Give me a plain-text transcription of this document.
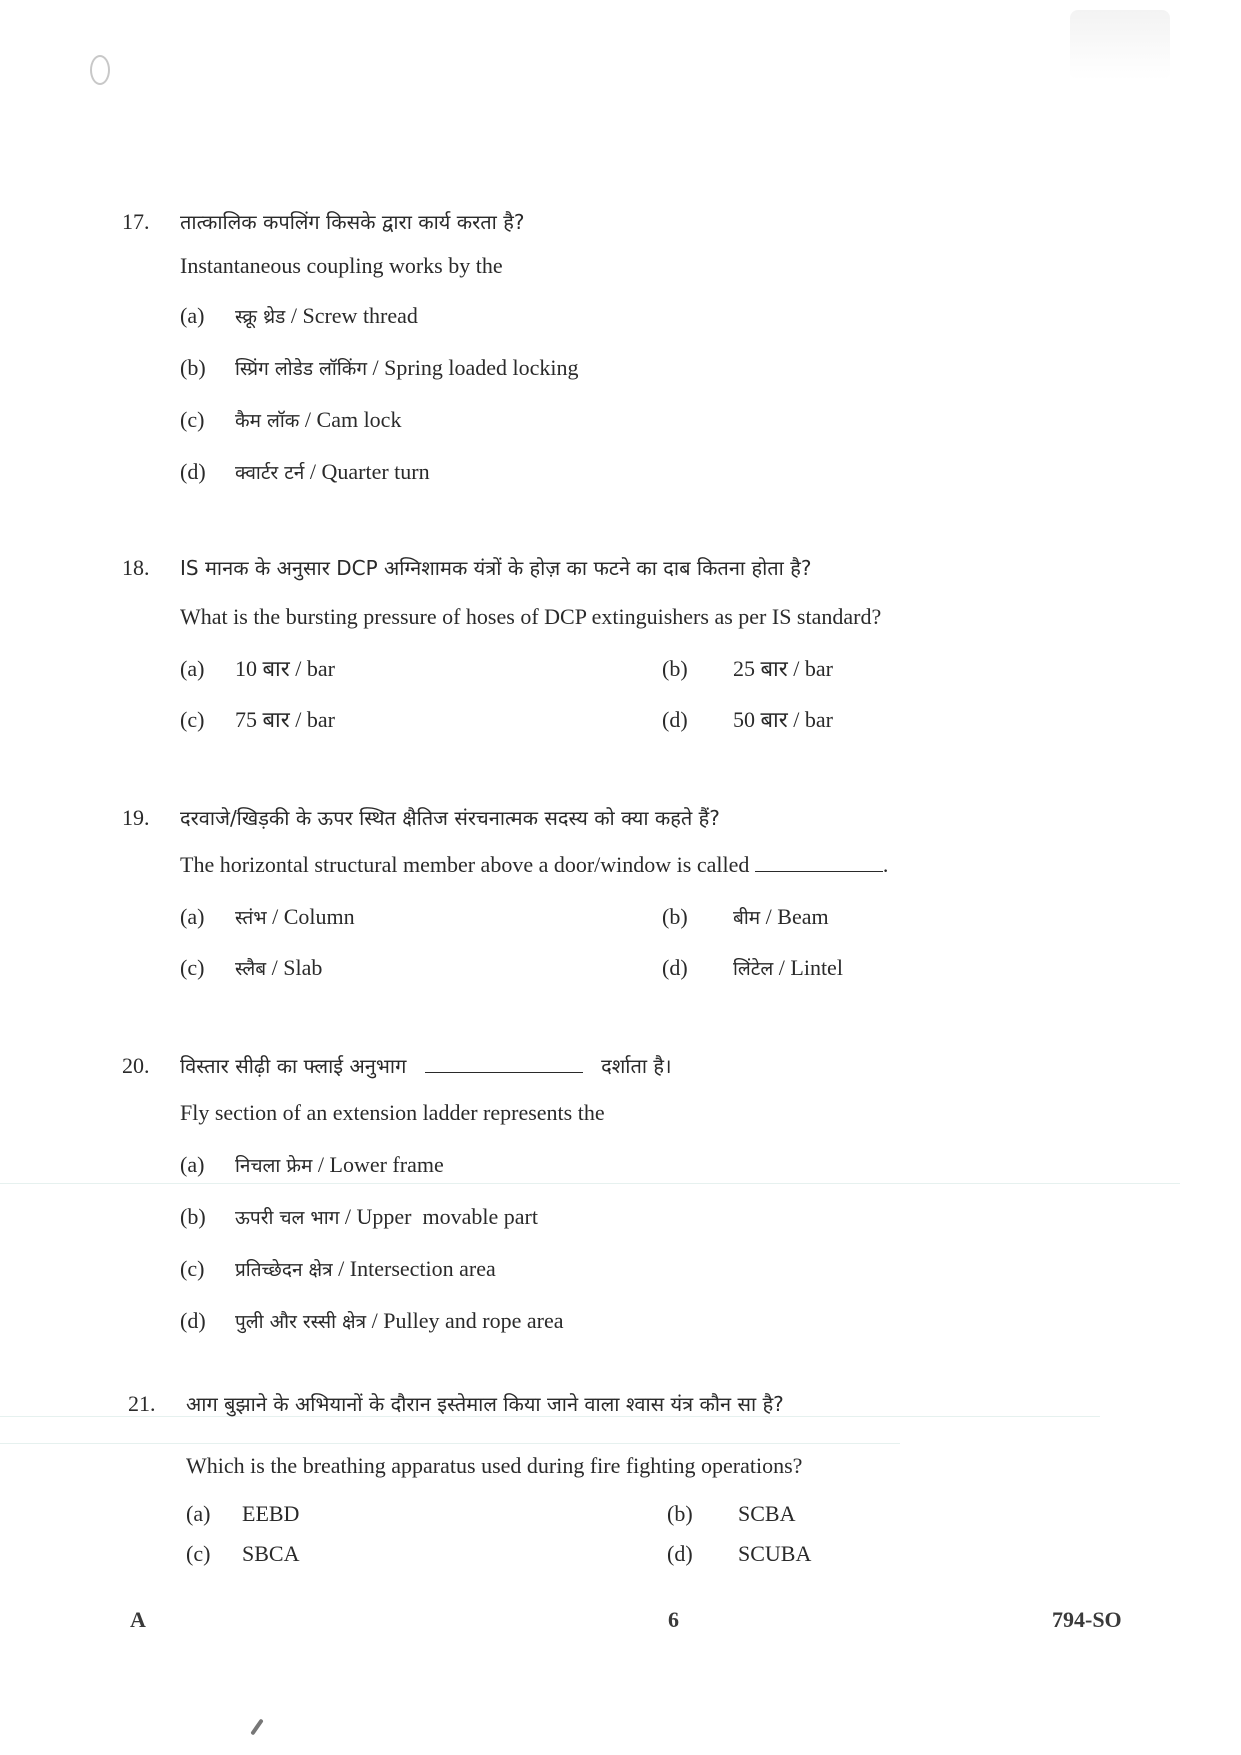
17. तात्कालिक कपलिंग किसके द्वारा कार्य करता है?
Instantaneous coupling works by the
(a) स्क्रू थ्रेड / Screw thread
(b) स्प्रिंग लोडेड लॉकिंग / Spring loaded locking
(c) कैम लॉक / Cam lock
(d) क्वार्टर टर्न / Quarter turn
18. IS मानक के अनुसार DCP अग्निशामक यंत्रों के होज़ का फटने का दाब कितना होता है?
What is the bursting pressure of hoses of DCP extinguishers as per IS standard?
(a) 10 बार / bar	(b) 25 बार / bar
(c) 75 बार / bar	(d) 50 बार / bar
19. दरवाजे/खिड़की के ऊपर स्थित क्षैतिज संरचनात्मक सदस्य को क्या कहते हैं?
The horizontal structural member above a door/window is called	.
(a) स्तंभ / Column	(b) बीम / Beam
(c) स्लैब / Slab	(d) लिंटेल / Lintel
20. विस्तार सीढ़ी का फ्लाई अनुभाग	दर्शाता है।
Fly section of an extension ladder represents the
(a) निचला फ्रेम / Lower frame
(b) ऊपरी चल भाग / Upper  movable part
(c) प्रतिच्छेदन क्षेत्र / Intersection area
(d) पुली और रस्सी क्षेत्र / Pulley and rope area
21. आग बुझाने के अभियानों के दौरान इस्तेमाल किया जाने वाला श्वास यंत्र कौन सा है?
Which is the breathing apparatus used during fire fighting operations?
(a) EEBD	(b) SCBA
(c) SBCA	(d) SCUBA
A	6	794-SO
